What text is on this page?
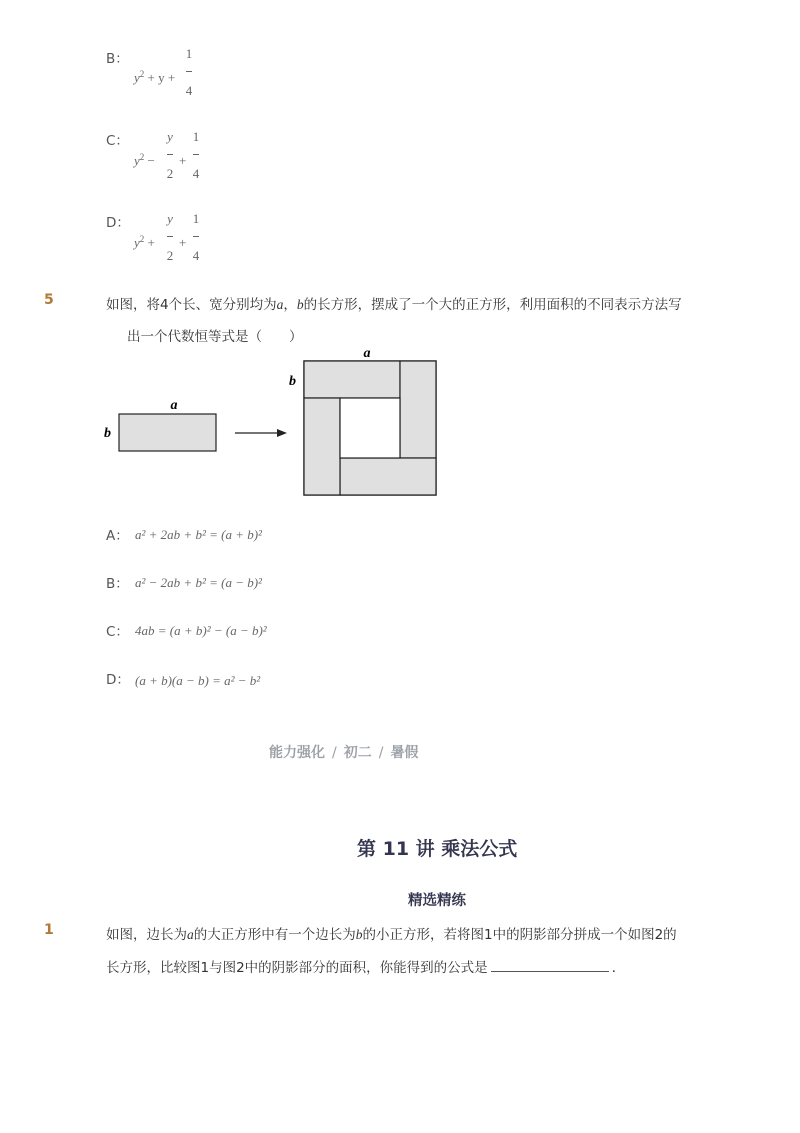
B：
$y^2 + y$ +
1
4
C：
$y^2$ −
y
2
+
1
4
D：
$y^2$ +
y
2
+
1
4
5	如图，将4个长、宽分别均为a，b的长方形，摆成了一个大的正方形，利用面积的不同表示方法写
出一个代数恒等式是（　　）
a
b
a
b
A： a² + 2ab + b² = (a + b)²
B： a² − 2ab + b² = (a − b)²
C： 4ab = (a + b)² − (a − b)²
D： (a + b)(a − b) = a² − b²
能力强化 / 初二 / 暑假
第 11 讲 乘法公式
精选精练
1	如图，边长为a的大正方形中有一个边长为b的小正方形，若将图1中的阴影部分拼成一个如图2的
长方形，比较图1与图2中的阴影部分的面积，你能得到的公式是	．
